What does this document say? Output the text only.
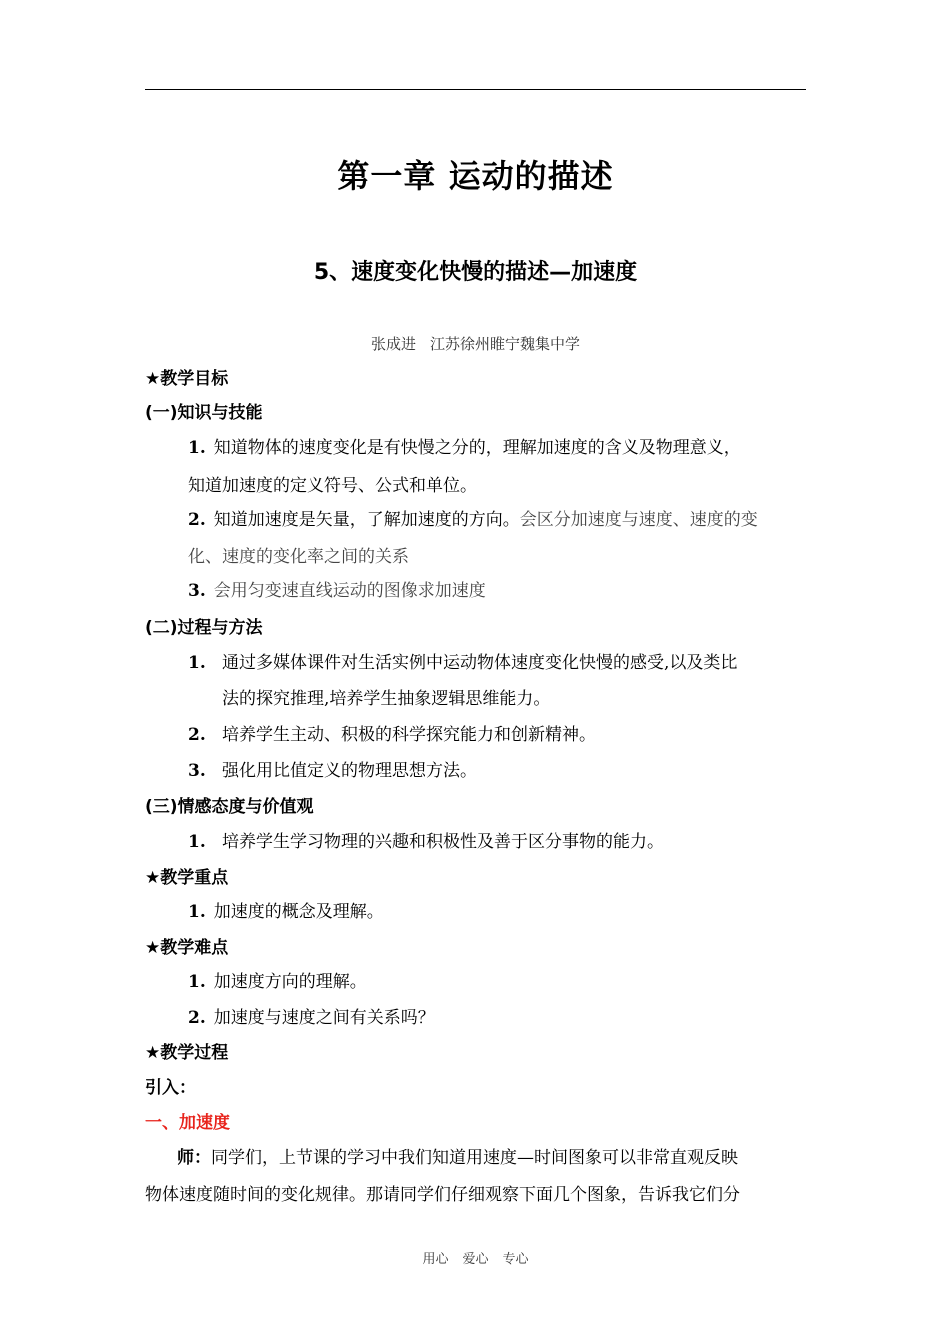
第一章 运动的描述
5、速度变化快慢的描述—加速度
张成进 江苏徐州睢宁魏集中学
★教学目标
(一)知识与技能
1. 知道物体的速度变化是有快慢之分的，理解加速度的含义及物理意义，
知道加速度的定义符号、公式和单位。
2. 知道加速度是矢量，了解加速度的方向。会区分加速度与速度、速度的变
化、速度的变化率之间的关系
3. 会用匀变速直线运动的图像求加速度
(二)过程与方法
1. 通过多媒体课件对生活实例中运动物体速度变化快慢的感受,以及类比
法的探究推理,培养学生抽象逻辑思维能力。
2. 培养学生主动、积极的科学探究能力和创新精神。
3. 强化用比值定义的物理思想方法。
(三)情感态度与价值观
1. 培养学生学习物理的兴趣和积极性及善于区分事物的能力。
★教学重点
1. 加速度的概念及理解。
★教学难点
1. 加速度方向的理解。
2. 加速度与速度之间有关系吗？
★教学过程
引入：
一、加速度
师：同学们，上节课的学习中我们知道用速度—时间图象可以非常直观反映
物体速度随时间的变化规律。那请同学们仔细观察下面几个图象，告诉我它们分
用心 爱心 专心
